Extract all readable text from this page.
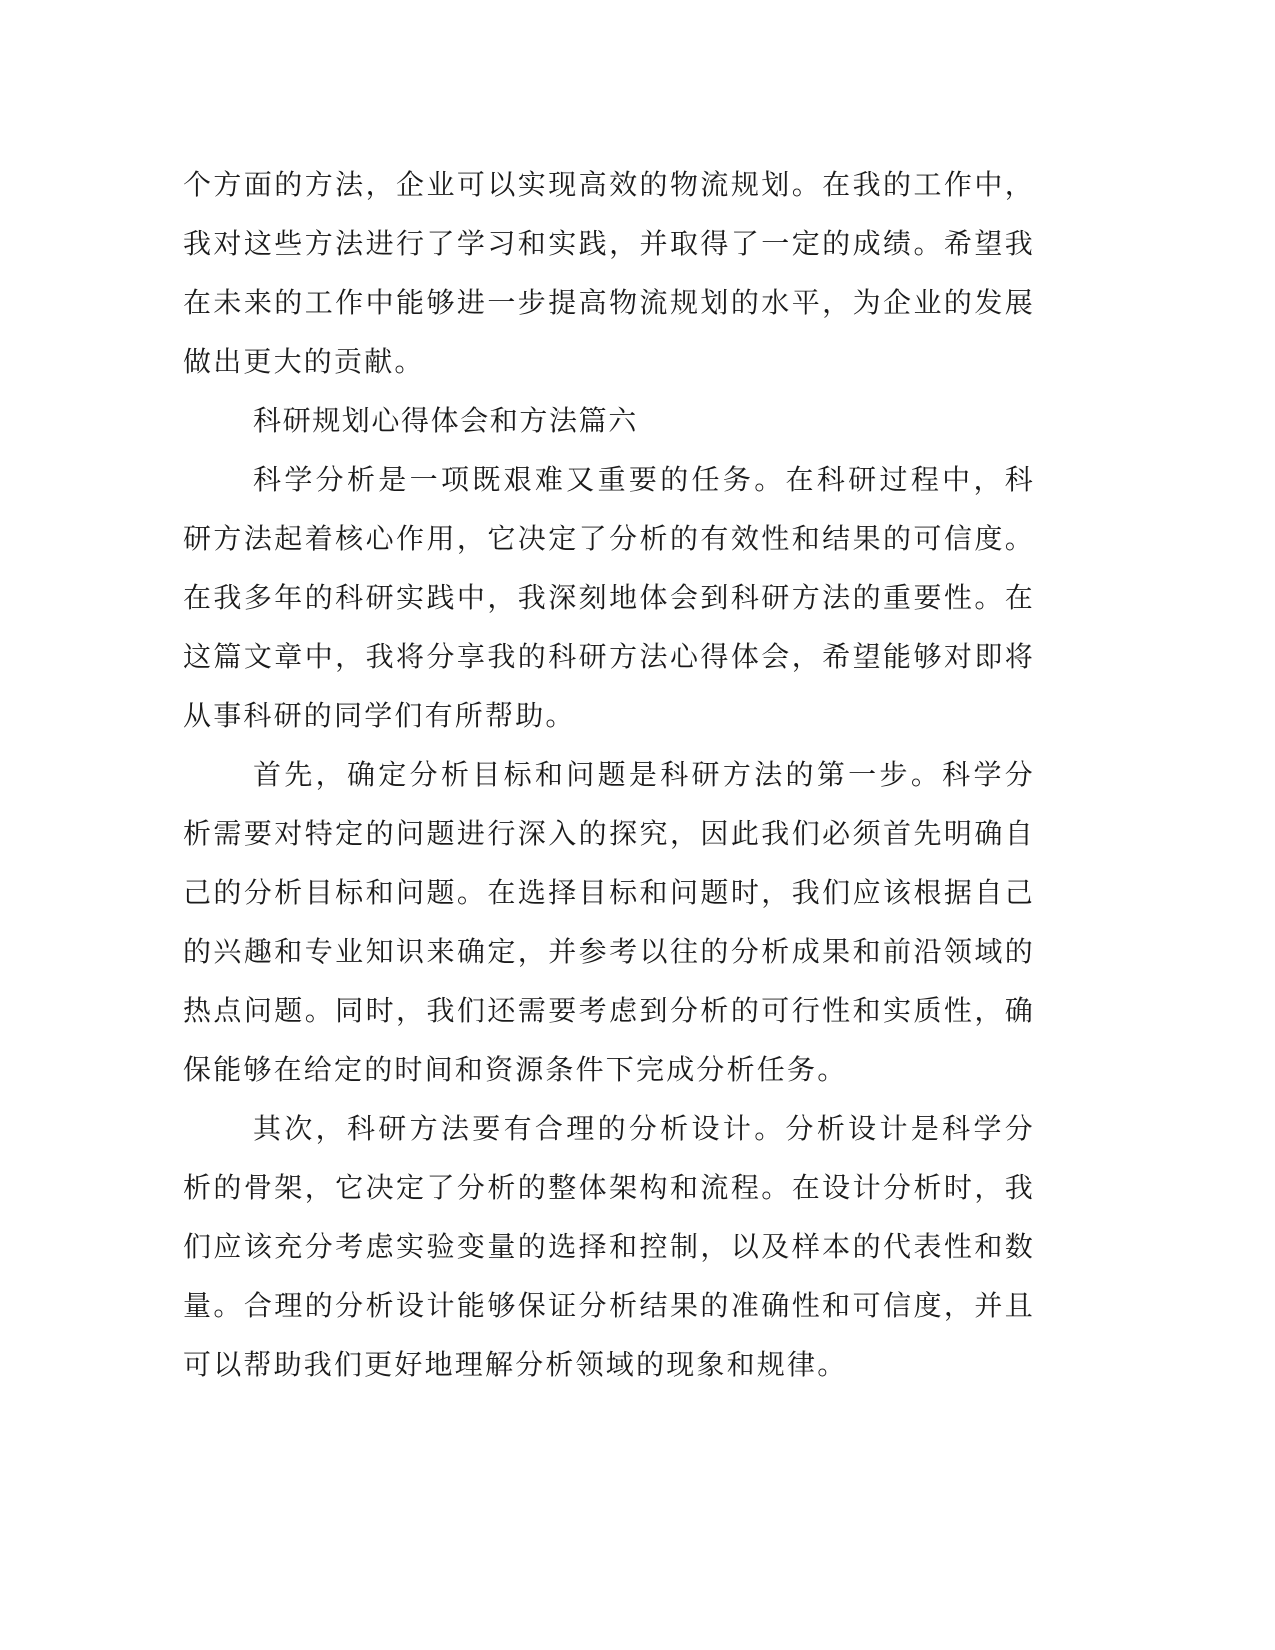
个方面的方法，企业可以实现高效的物流规划。在我的工作中，我对这些方法进行了学习和实践，并取得了一定的成绩。希望我在未来的工作中能够进一步提高物流规划的水平，为企业的发展做出更大的贡献。

科研规划心得体会和方法篇六

科学分析是一项既艰难又重要的任务。在科研过程中，科研方法起着核心作用，它决定了分析的有效性和结果的可信度。在我多年的科研实践中，我深刻地体会到科研方法的重要性。在这篇文章中，我将分享我的科研方法心得体会，希望能够对即将从事科研的同学们有所帮助。

首先，确定分析目标和问题是科研方法的第一步。科学分析需要对特定的问题进行深入的探究，因此我们必须首先明确自己的分析目标和问题。在选择目标和问题时，我们应该根据自己的兴趣和专业知识来确定，并参考以往的分析成果和前沿领域的热点问题。同时，我们还需要考虑到分析的可行性和实质性，确保能够在给定的时间和资源条件下完成分析任务。

其次，科研方法要有合理的分析设计。分析设计是科学分析的骨架，它决定了分析的整体架构和流程。在设计分析时，我们应该充分考虑实验变量的选择和控制，以及样本的代表性和数量。合理的分析设计能够保证分析结果的准确性和可信度，并且可以帮助我们更好地理解分析领域的现象和规律。
